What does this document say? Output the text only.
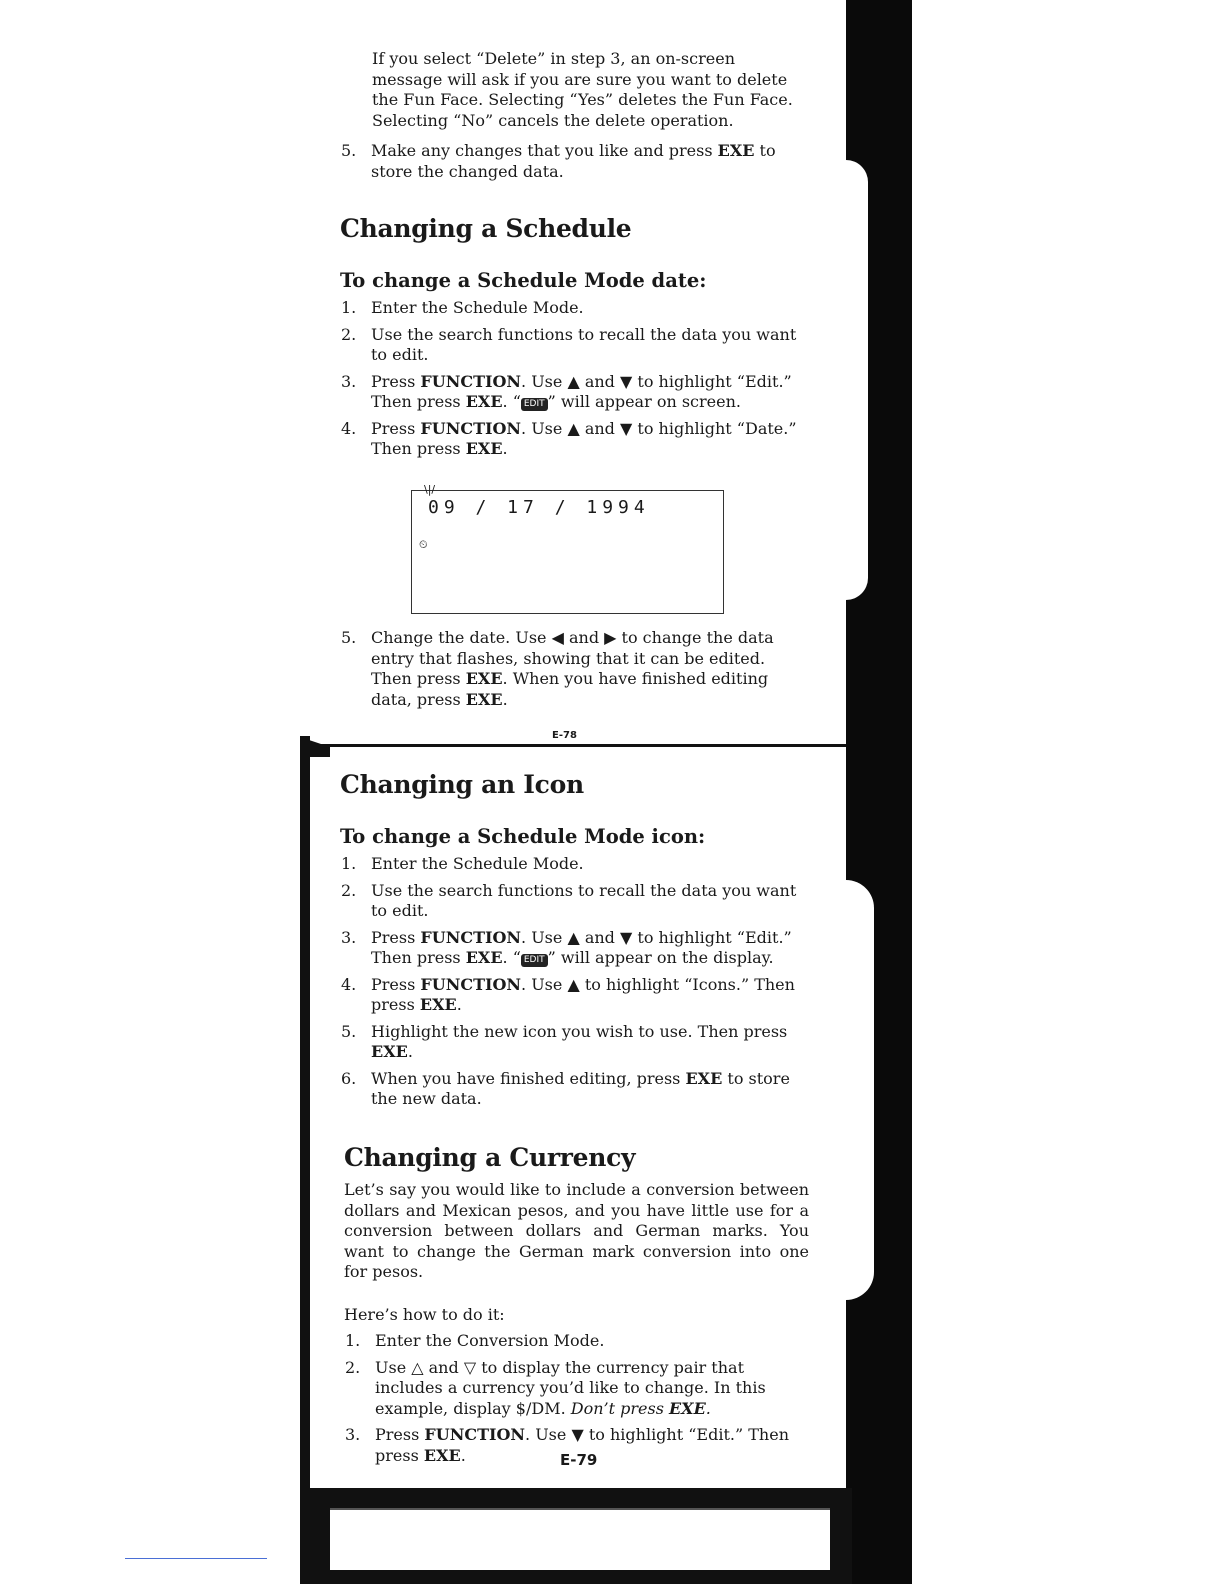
If you select “Delete” in step 3, an on-screen message will ask if you are sure you want to delete the Fun Face. Selecting “Yes” deletes the Fun Face. Selecting “No” cancels the delete operation.

5. Make any changes that you like and press EXE to store the changed data.
Changing a Schedule
To change a Schedule Mode date:
1. Enter the Schedule Mode.
2. Use the search functions to recall the data you want to edit.
3. Press FUNCTION. Use ▲ and ▼ to highlight “Edit.” Then press EXE. “ EDIT ” will appear on screen.
4. Press FUNCTION. Use ▲ and ▼ to highlight “Date.” Then press EXE.
\|/
09 / 17 / 1994
⏲
5. Change the date. Use ◀ and ▶ to change the data entry that flashes, showing that it can be edited. Then press EXE. When you have finished editing data, press EXE.
E-78
Changing an Icon
To change a Schedule Mode icon:
1. Enter the Schedule Mode.
2. Use the search functions to recall the data you want to edit.
3. Press FUNCTION. Use ▲ and ▼ to highlight “Edit.” Then press EXE. “ EDIT ” will appear on the display.
4. Press FUNCTION. Use ▲ to highlight “Icons.” Then press EXE.
5. Highlight the new icon you wish to use. Then press EXE.
6. When you have finished editing, press EXE to store the new data.
Changing a Currency

Let’s say you would like to include a conversion between dollars and Mexican pesos, and you have little use for a conversion between dollars and German marks. You want to change the German mark conversion into one for pesos.

Here’s how to do it:

1. Enter the Conversion Mode.
2. Use △ and ▽ to display the currency pair that includes a currency you’d like to change. In this example, display $/DM. Don’t press EXE.
3. Press FUNCTION. Use ▼ to highlight “Edit.” Then press EXE.	E-79
